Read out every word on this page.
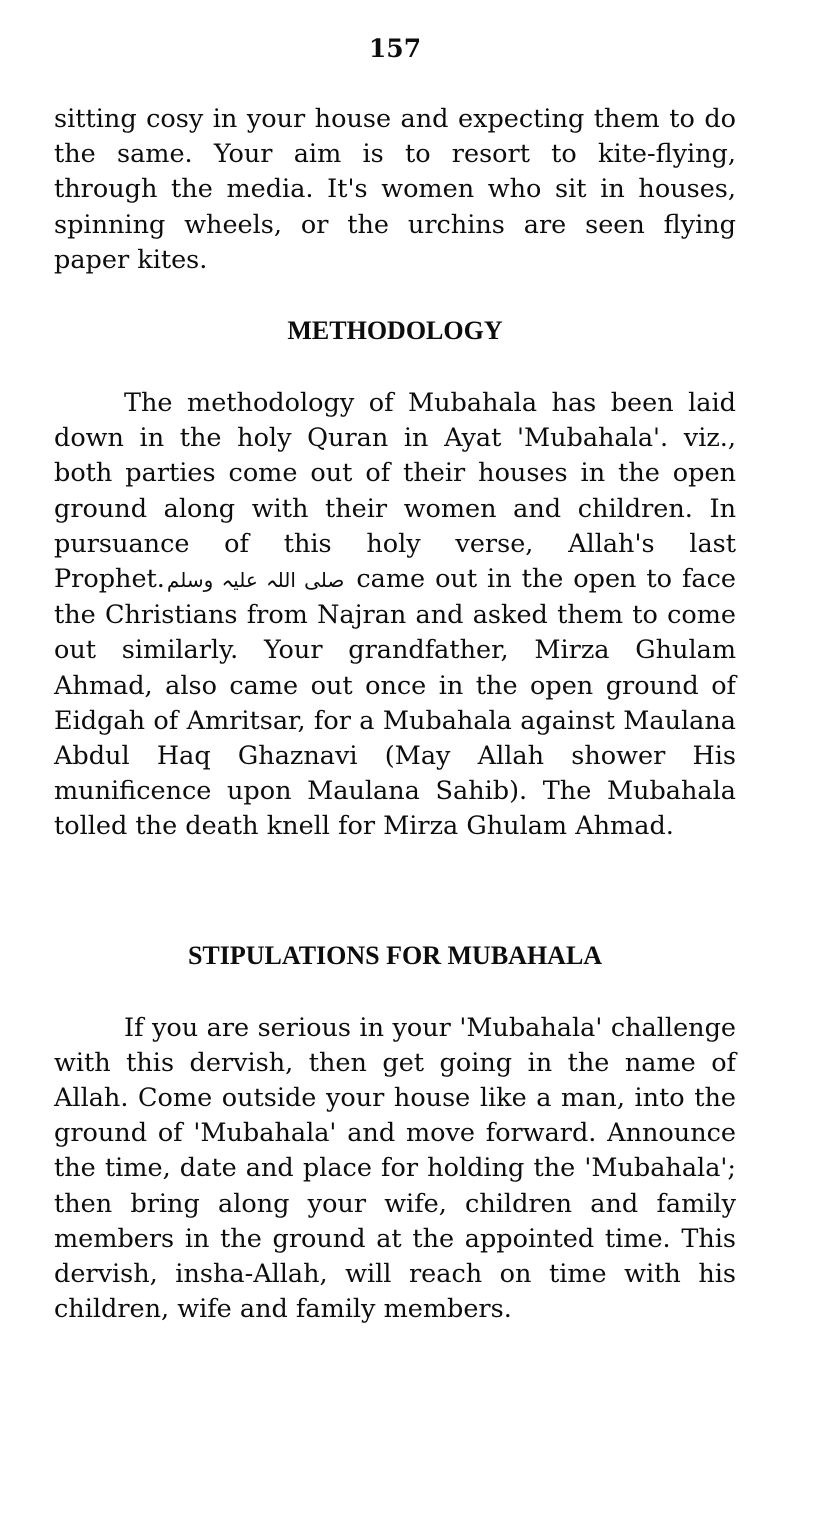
157

sitting cosy in your house and expecting them to do the same. Your aim is to resort to kite-flying, through the media. It's women who sit in houses, spinning wheels, or the urchins are seen flying paper kites.

METHODOLOGY

The methodology of Mubahala has been laid down in the holy Quran in Ayat 'Mubahala'. viz., both parties come out of their houses in the open ground along with their women and children. In pursuance of this holy verse, Allah's last Prophet. صلی اللہ علیہ وسلم came out in the open to face the Christians from Najran and asked them to come out similarly. Your grandfather, Mirza Ghulam Ahmad, also came out once in the open ground of Eidgah of Amritsar, for a Mubahala against Maulana Abdul Haq Ghaznavi (May Allah shower His munificence upon Maulana Sahib). The Mubahala tolled the death knell for Mirza Ghulam Ahmad.

STIPULATIONS FOR MUBAHALA

If you are serious in your 'Mubahala' challenge with this dervish, then get going in the name of Allah. Come outside your house like a man, into the ground of 'Mubahala' and move forward. Announce the time, date and place for holding the 'Mubahala'; then bring along your wife, children and family members in the ground at the appointed time. This dervish, insha-Allah, will reach on time with his children, wife and family members.
